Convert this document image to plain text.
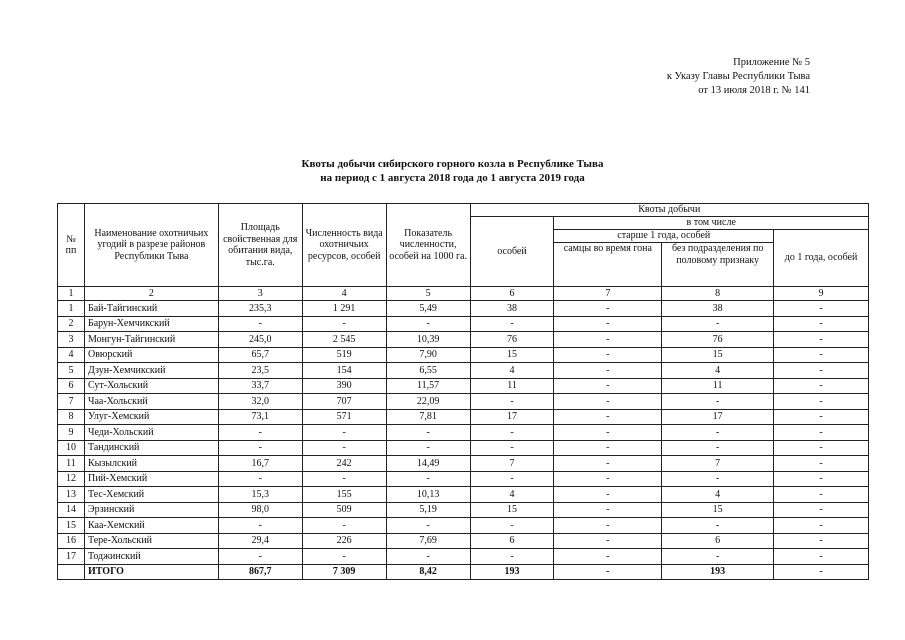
Приложение № 5
к Указу Главы Республики Тыва
от 13 июля 2018 г. № 141
Квоты добычи сибирского горного козла в Республике Тыва
на период с 1 августа 2018 года до 1 августа 2019 года
№ пп	Наименование охотничьих угодий в разрезе районов Республики Тыва	Площадь свойственная для обитания вида, тыс.га.	Численность вида охотничьих ресурсов, особей	Показатель численности, особей на 1000 га.	Квоты добычи			
					особей	в том числе		
						старше 1 года, особей		до 1 года, особей
						самцы во время гона	без подразделения по половому признаку	
1	2	3	4	5	6	7	8	9
1	Бай-Тайгинский	235,3	1 291	5,49	38	-	38	-
2	Барун-Хемчикский	-	-	-	-	-	-	-
3	Монгун-Тайгинский	245,0	2 545	10,39	76	-	76	-
4	Овюрский	65,7	519	7,90	15	-	15	-
5	Дзун-Хемчикский	23,5	154	6,55	4	-	4	-
6	Сут-Хольский	33,7	390	11,57	11	-	11	-
7	Чаа-Хольский	32,0	707	22,09	-	-	-	-
8	Улуг-Хемский	73,1	571	7,81	17	-	17	-
9	Чеди-Хольский	-	-	-	-	-	-	-
10	Тандинский	-	-	-	-	-	-	-
11	Кызылский	16,7	242	14,49	7	-	7	-
12	Пий-Хемский	-	-	-	-	-	-	-
13	Тес-Хемский	15,3	155	10,13	4	-	4	-
14	Эрзинский	98,0	509	5,19	15	-	15	-
15	Каа-Хемский	-	-	-	-	-	-	-
16	Тере-Хольский	29,4	226	7,69	6	-	6	-
17	Тоджинский	-	-	-	-	-	-	-
	ИТОГО	867,7	7 309	8,42	193	-	193	-
